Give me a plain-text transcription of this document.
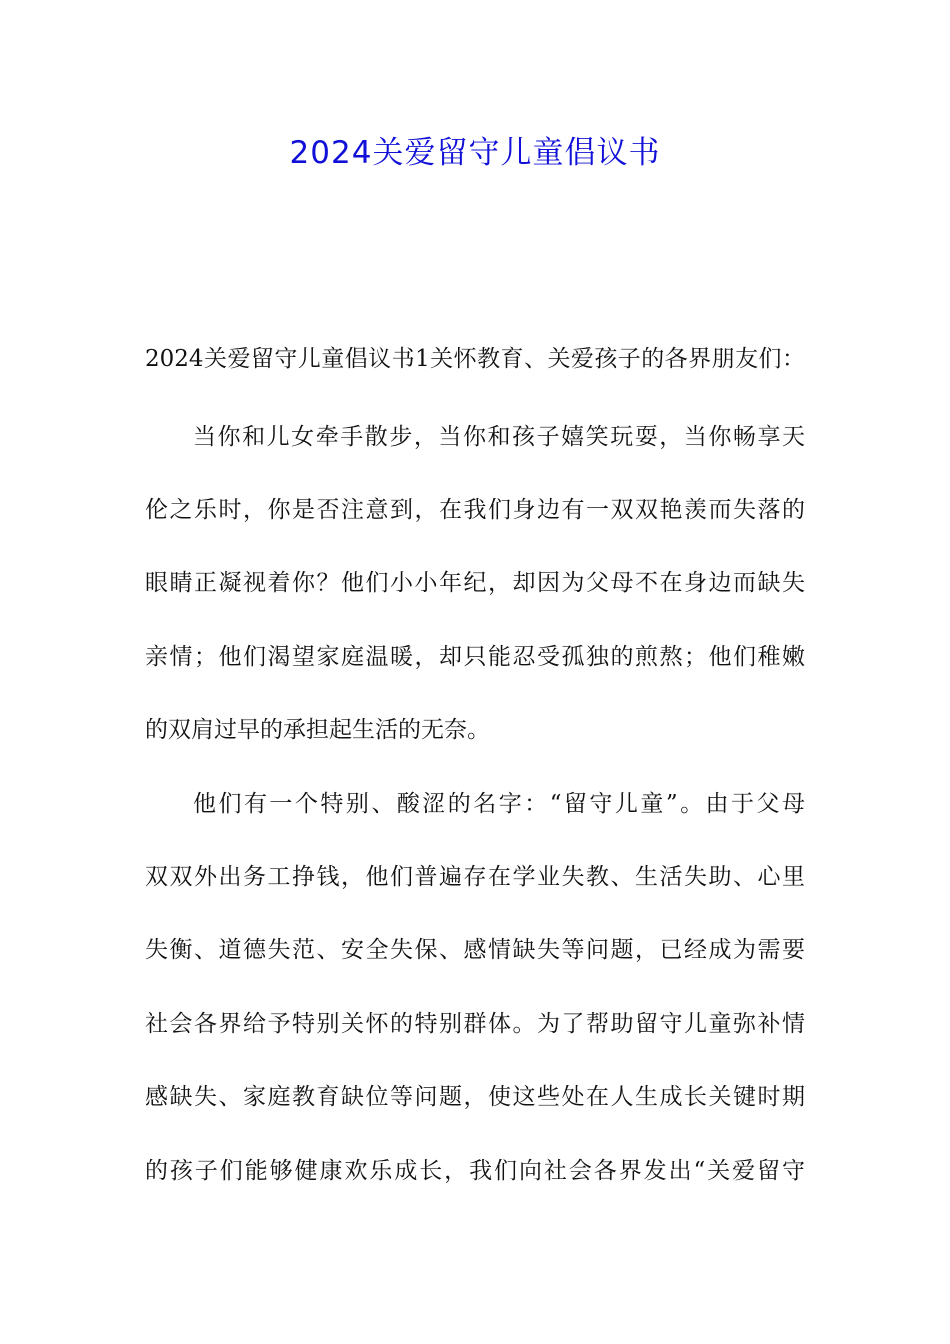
2024关爱留守儿童倡议书
2024关爱留守儿童倡议书1关怀教育、关爱孩子的各界朋友们：
当你和儿女牵手散步，当你和孩子嬉笑玩耍，当你畅享天
伦之乐时，你是否注意到，在我们身边有一双双艳羡而失落的
眼睛正凝视着你？他们小小年纪，却因为父母不在身边而缺失
亲情；他们渴望家庭温暖，却只能忍受孤独的煎熬；他们稚嫩
的双肩过早的承担起生活的无奈。
他们有一个特别、酸涩的名字：“留守儿童”。由于父母
双双外出务工挣钱，他们普遍存在学业失教、生活失助、心里
失衡、道德失范、安全失保、感情缺失等问题，已经成为需要
社会各界给予特别关怀的特别群体。为了帮助留守儿童弥补情
感缺失、家庭教育缺位等问题，使这些处在人生成长关键时期
的孩子们能够健康欢乐成长，我们向社会各界发出“关爱留守
